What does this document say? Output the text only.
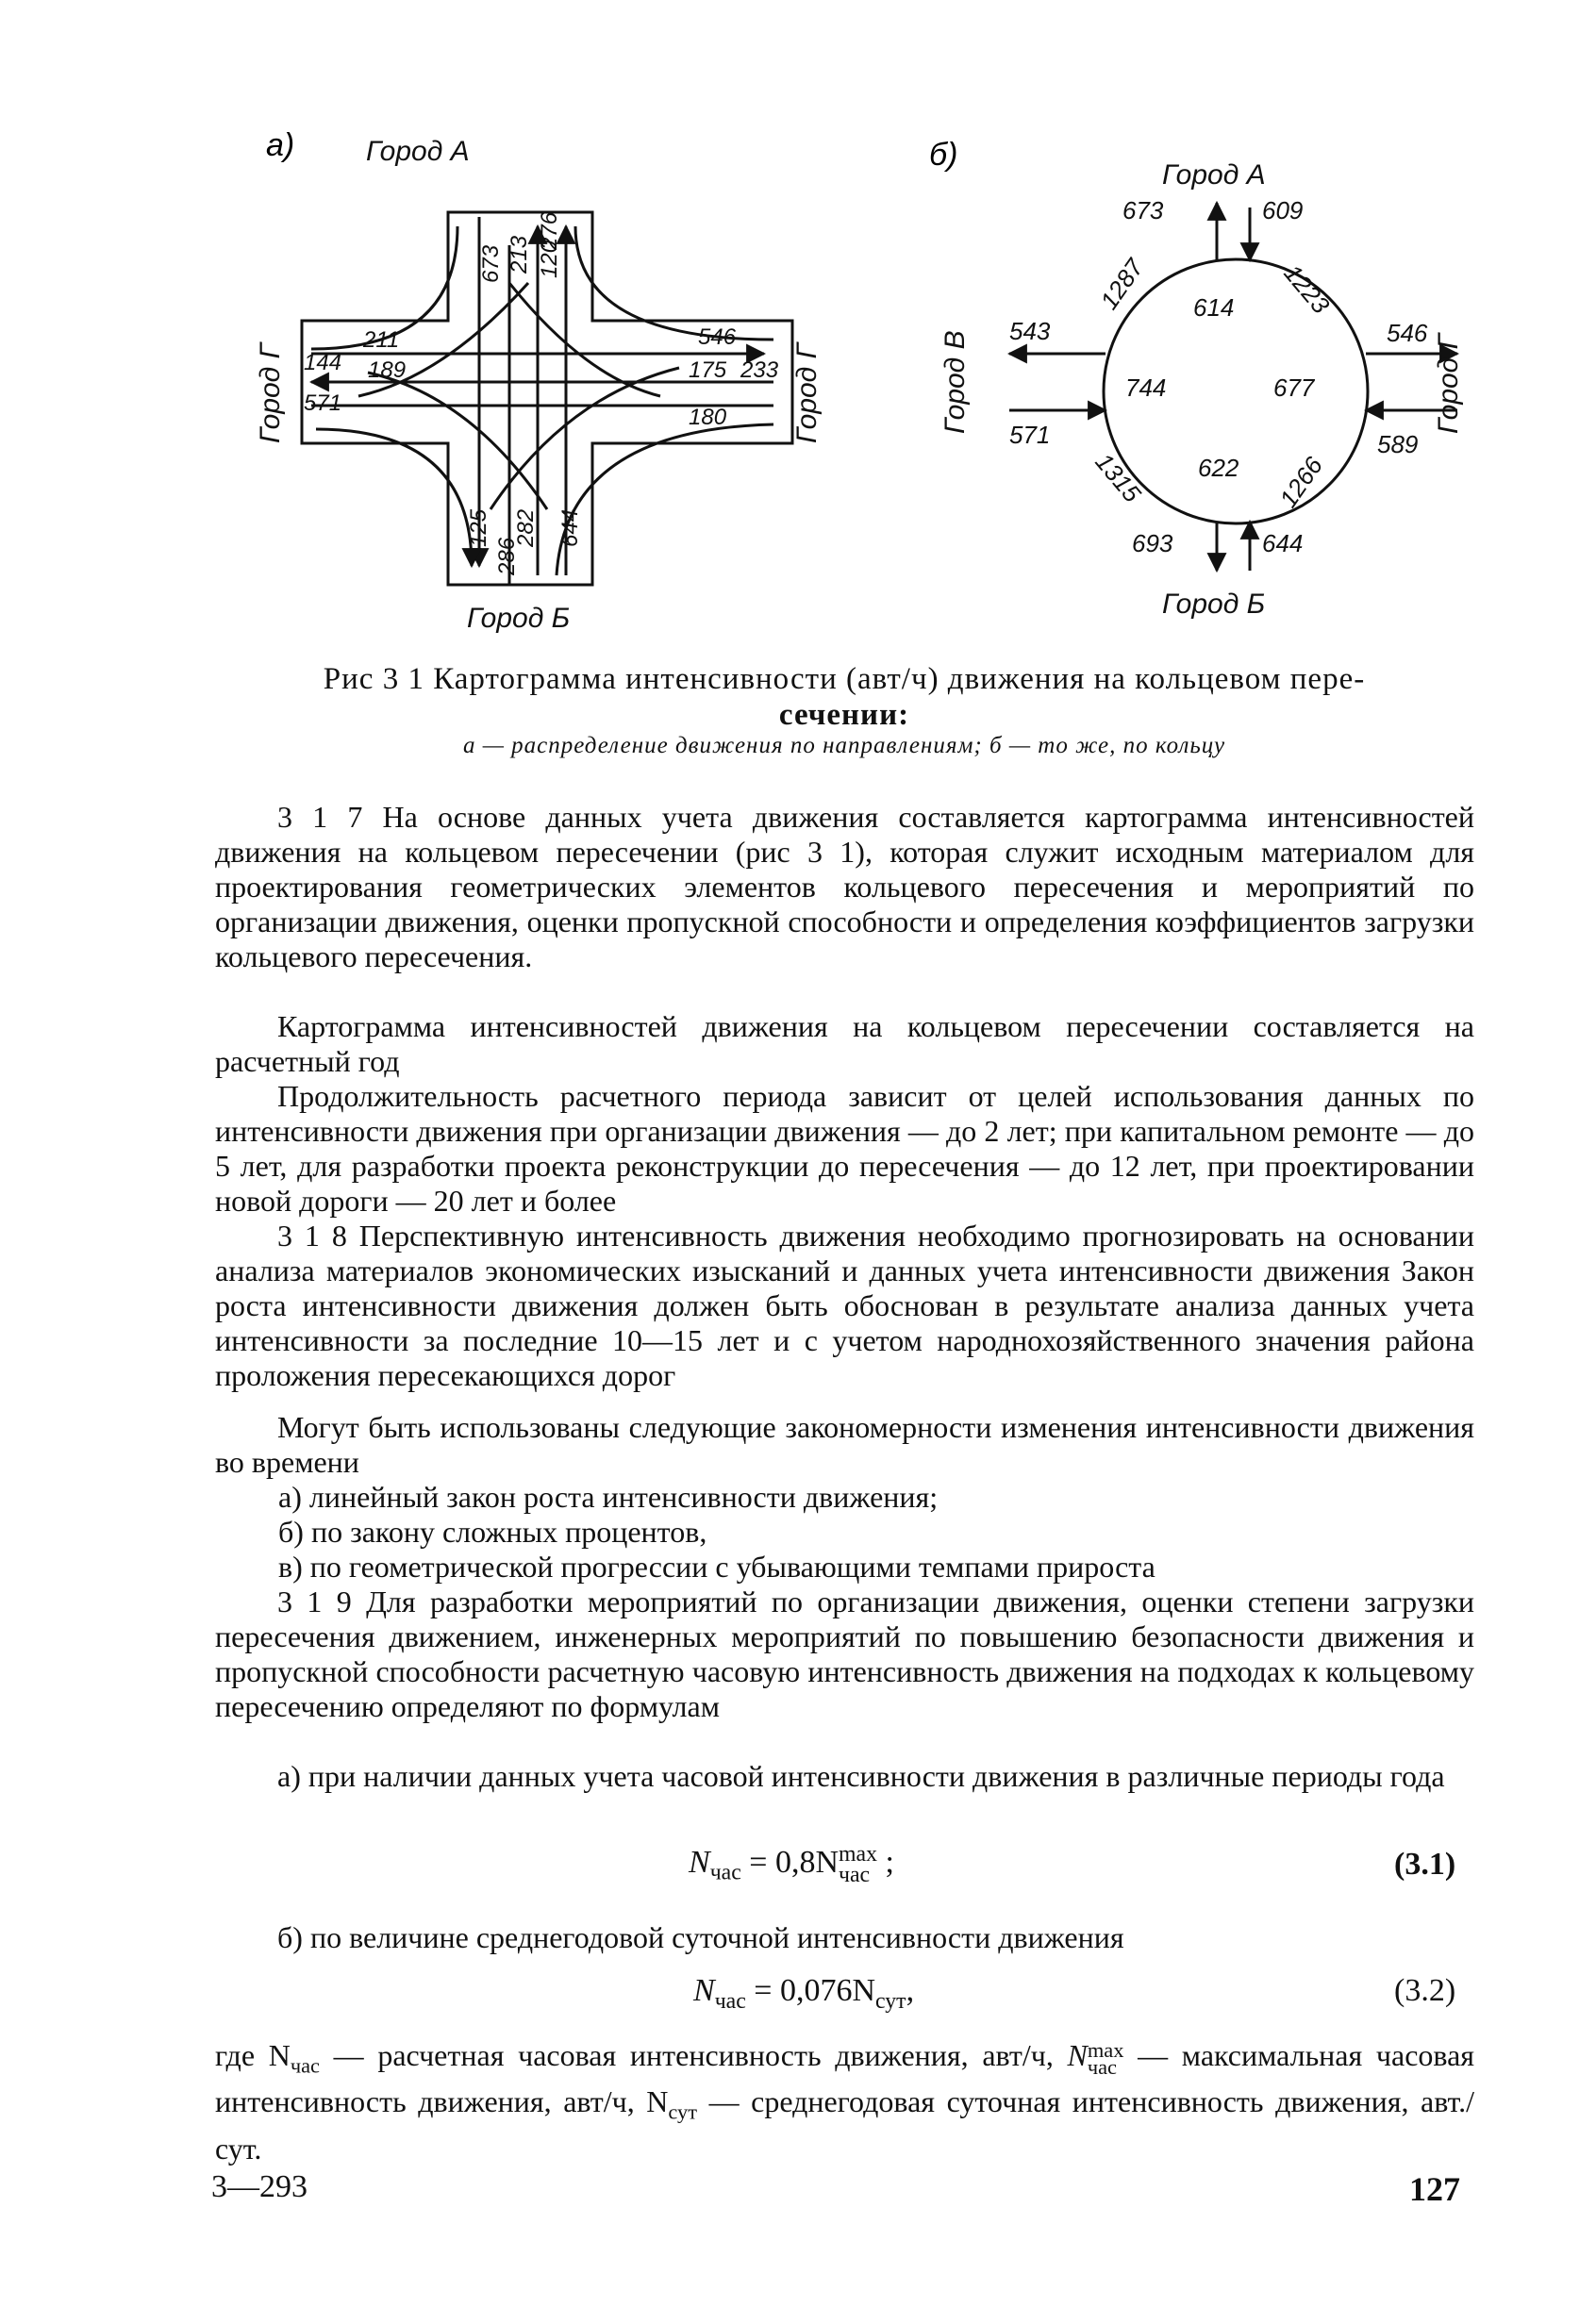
а)	б)
Город А
Город Б
Город Г	Город Г
673 213
276
120
125
286
282 644
211
144 189
571
546
175 233
180
Город А
Город Б
Город В	Город Г
673	609
543
571
546
589
693	644
1287	1223
1315	1266
614
744	677
622
Рис 3 1 Картограмма интенсивности (авт/ч) движения на кольцевом пере-
сечении:
а — распределение движения по направлениям; б — то же, по кольцу

3 1 7 На основе данных учета движения составляется картограмма интенсивностей движения на кольцевом пересечении (рис 3 1), которая служит исходным материалом для проектирования геометрических элементов кольцевого пересечения и мероприятий по организации движения, оценки пропускной способности и определения коэффициентов загрузки кольцевого пересечения.

Картограмма интенсивностей движения на кольцевом пересечении составляется на расчетный год

Продолжительность расчетного периода зависит от целей использования данных по интенсивности движения при организации движения — до 2 лет; при капитальном ремонте — до 5 лет, для разработки проекта реконструкции до пересечения — до 12 лет, при проектировании новой дороги — 20 лет и более

3 1 8 Перспективную интенсивность движения необходимо прогнозировать на основании анализа материалов экономических изысканий и данных учета интенсивности движения Закон роста интенсивности движения должен быть обоснован в результате анализа данных учета интенсивности за последние 10—15 лет и с учетом народнохозяйственного значения района проложения пересекающихся дорог

Могут быть использованы следующие закономерности изменения интенсивности движения во времени

а) линейный закон роста интенсивности движения;

б) по закону сложных процентов,

в) по геометрической прогрессии с убывающими темпами прироста

3 1 9 Для разработки мероприятий по организации движения, оценки степени загрузки пересечения движением, инженерных мероприятий по повышению безопасности движения и пропускной способности расчетную часовую интенсивность движения на подходах к кольцевому пересечению определяют по формулам

а) при наличии данных учета часовой интенсивности движения в различные периоды года

$N_{час} = 0,8N$ max
час ;	(3.1)

б) по величине среднегодовой суточной интенсивности движения

$N_{час} = 0,076N_{сут}$,	(3.2)

где $N_{час}$ — расчетная часовая интенсивность движения, авт/ч, N max
час — максимальная часовая интенсивность движения, авт/ч, $N_{сут}$ — среднегодовая суточная интенсивность движения, авт./сут.

3—293	127
